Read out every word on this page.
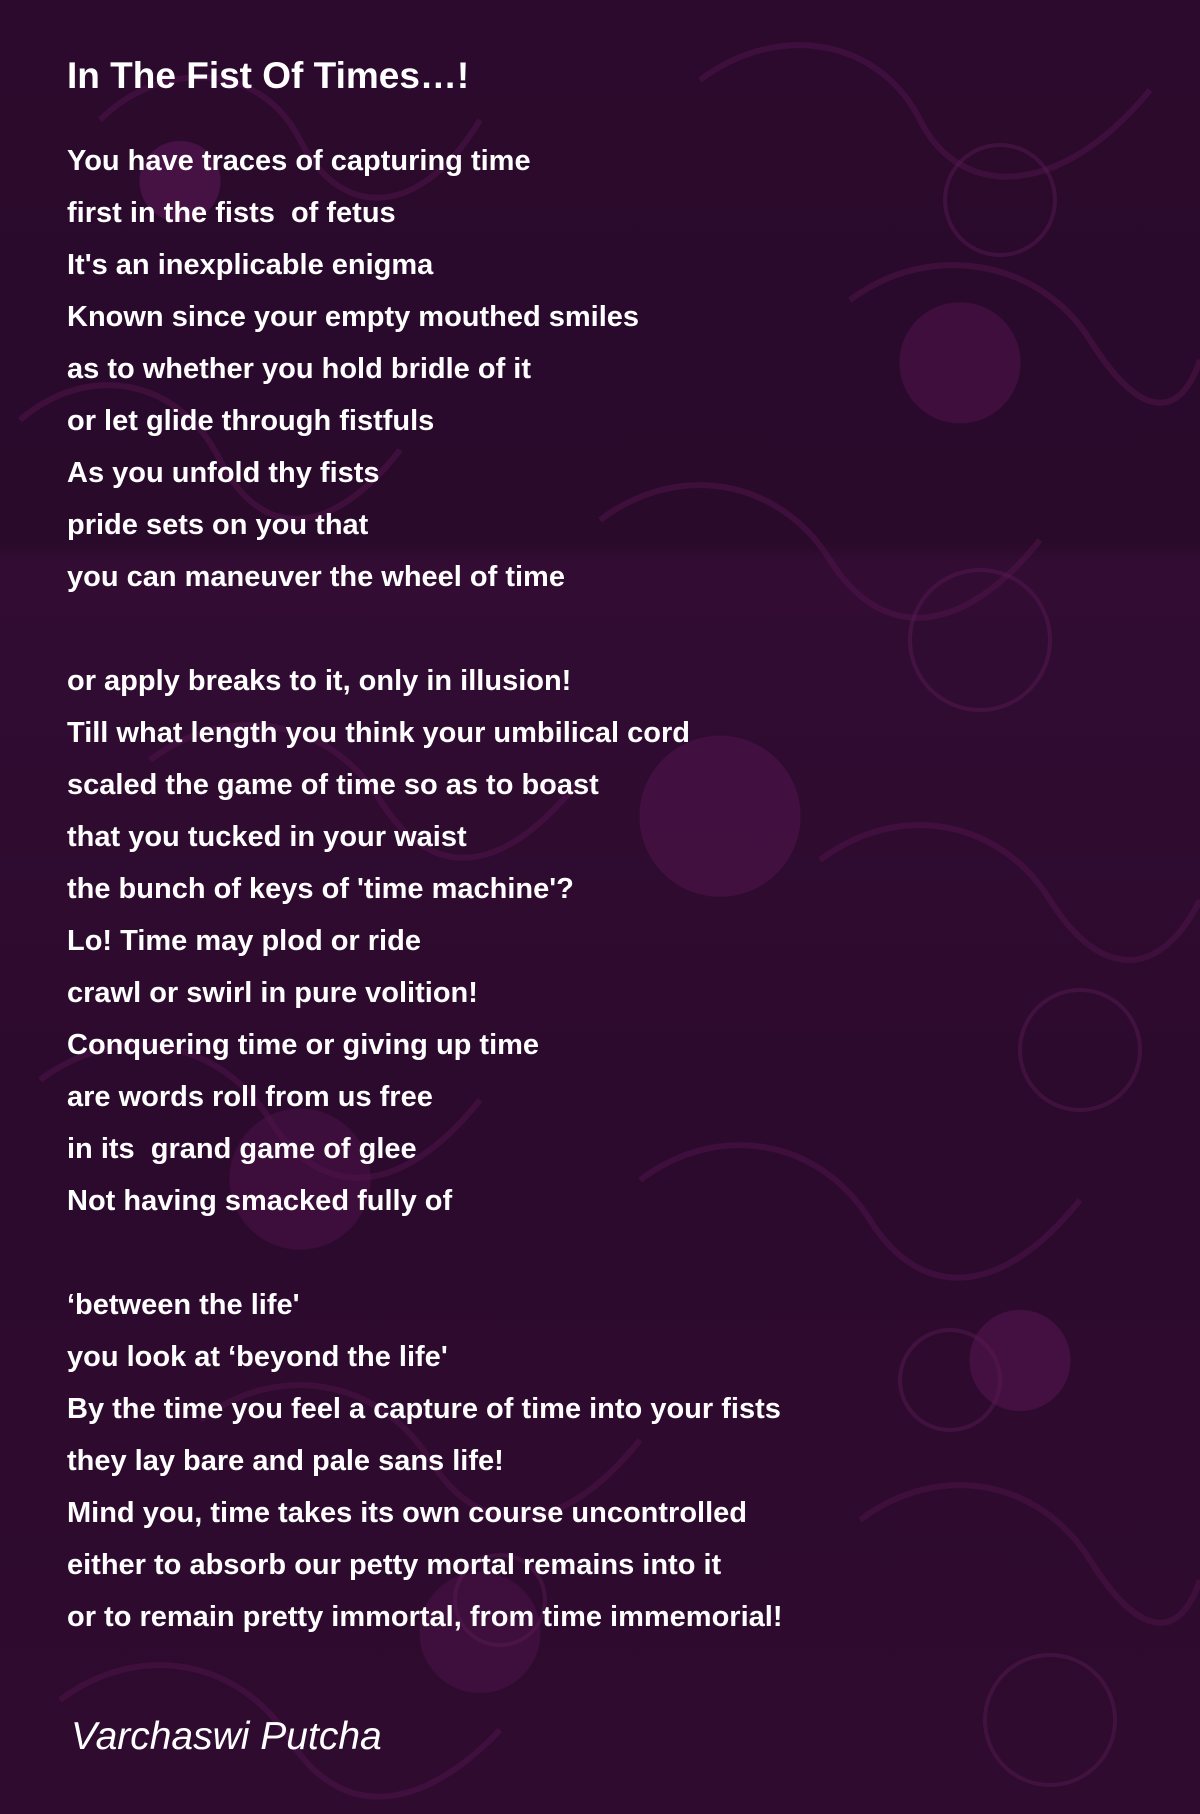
In The Fist Of Times…!
You have traces of capturing time
first in the fists  of fetus
It's an inexplicable enigma
Known since your empty mouthed smiles
as to whether you hold bridle of it
or let glide through fistfuls
As you unfold thy fists
pride sets on you that
you can maneuver the wheel of time
or apply breaks to it, only in illusion!
Till what length you think your umbilical cord
scaled the game of time so as to boast
that you tucked in your waist
the bunch of keys of 'time machine'?
Lo! Time may plod or ride
crawl or swirl in pure volition!
Conquering time or giving up time
are words roll from us free
in its  grand game of glee
Not having smacked fully of
‘between the life'
you look at ‘beyond the life'
By the time you feel a capture of time into your fists
they lay bare and pale sans life!
Mind you, time takes its own course uncontrolled
either to absorb our petty mortal remains into it
or to remain pretty immortal, from time immemorial!
Varchaswi Putcha
